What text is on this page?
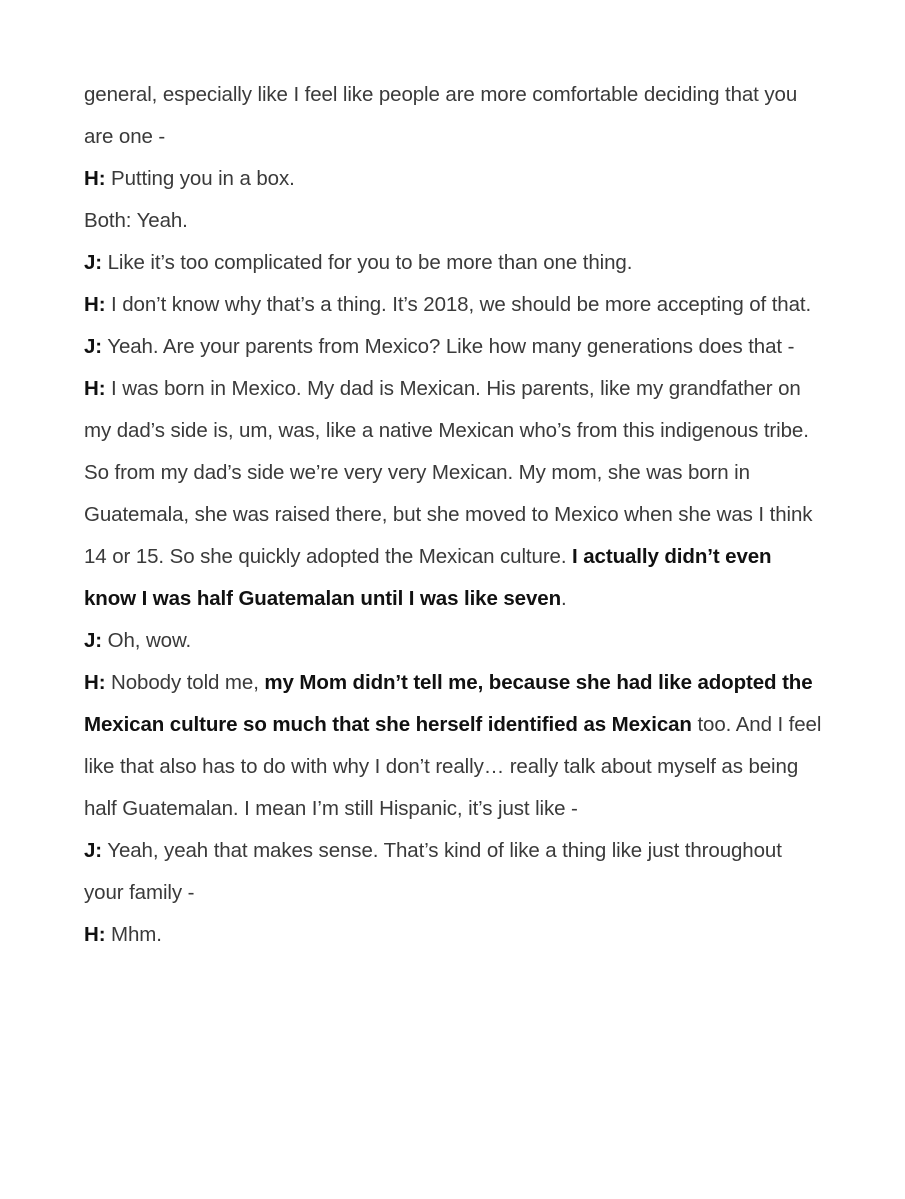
general, especially like I feel like people are more comfortable deciding that you are one -

H: Putting you in a box.

Both: Yeah.

J: Like it’s too complicated for you to be more than one thing.

H: I don’t know why that’s a thing. It’s 2018, we should be more accepting of that.

J: Yeah. Are your parents from Mexico? Like how many generations does that -

H: I was born in Mexico. My dad is Mexican. His parents, like my grandfather on my dad’s side is, um, was, like a native Mexican who’s from this indigenous tribe. So from my dad’s side we’re very very Mexican. My mom, she was born in Guatemala, she was raised there, but she moved to Mexico when she was I think 14 or 15. So she quickly adopted the Mexican culture. I actually didn’t even know I was half Guatemalan until I was like seven.

J: Oh, wow.

H: Nobody told me, my Mom didn’t tell me, because she had like adopted the Mexican culture so much that she herself identified as Mexican too. And I feel like that also has to do with why I don’t really… really talk about myself as being half Guatemalan. I mean I’m still Hispanic, it’s just like -

J: Yeah, yeah that makes sense. That’s kind of like a thing like just throughout your family -

H: Mhm.
